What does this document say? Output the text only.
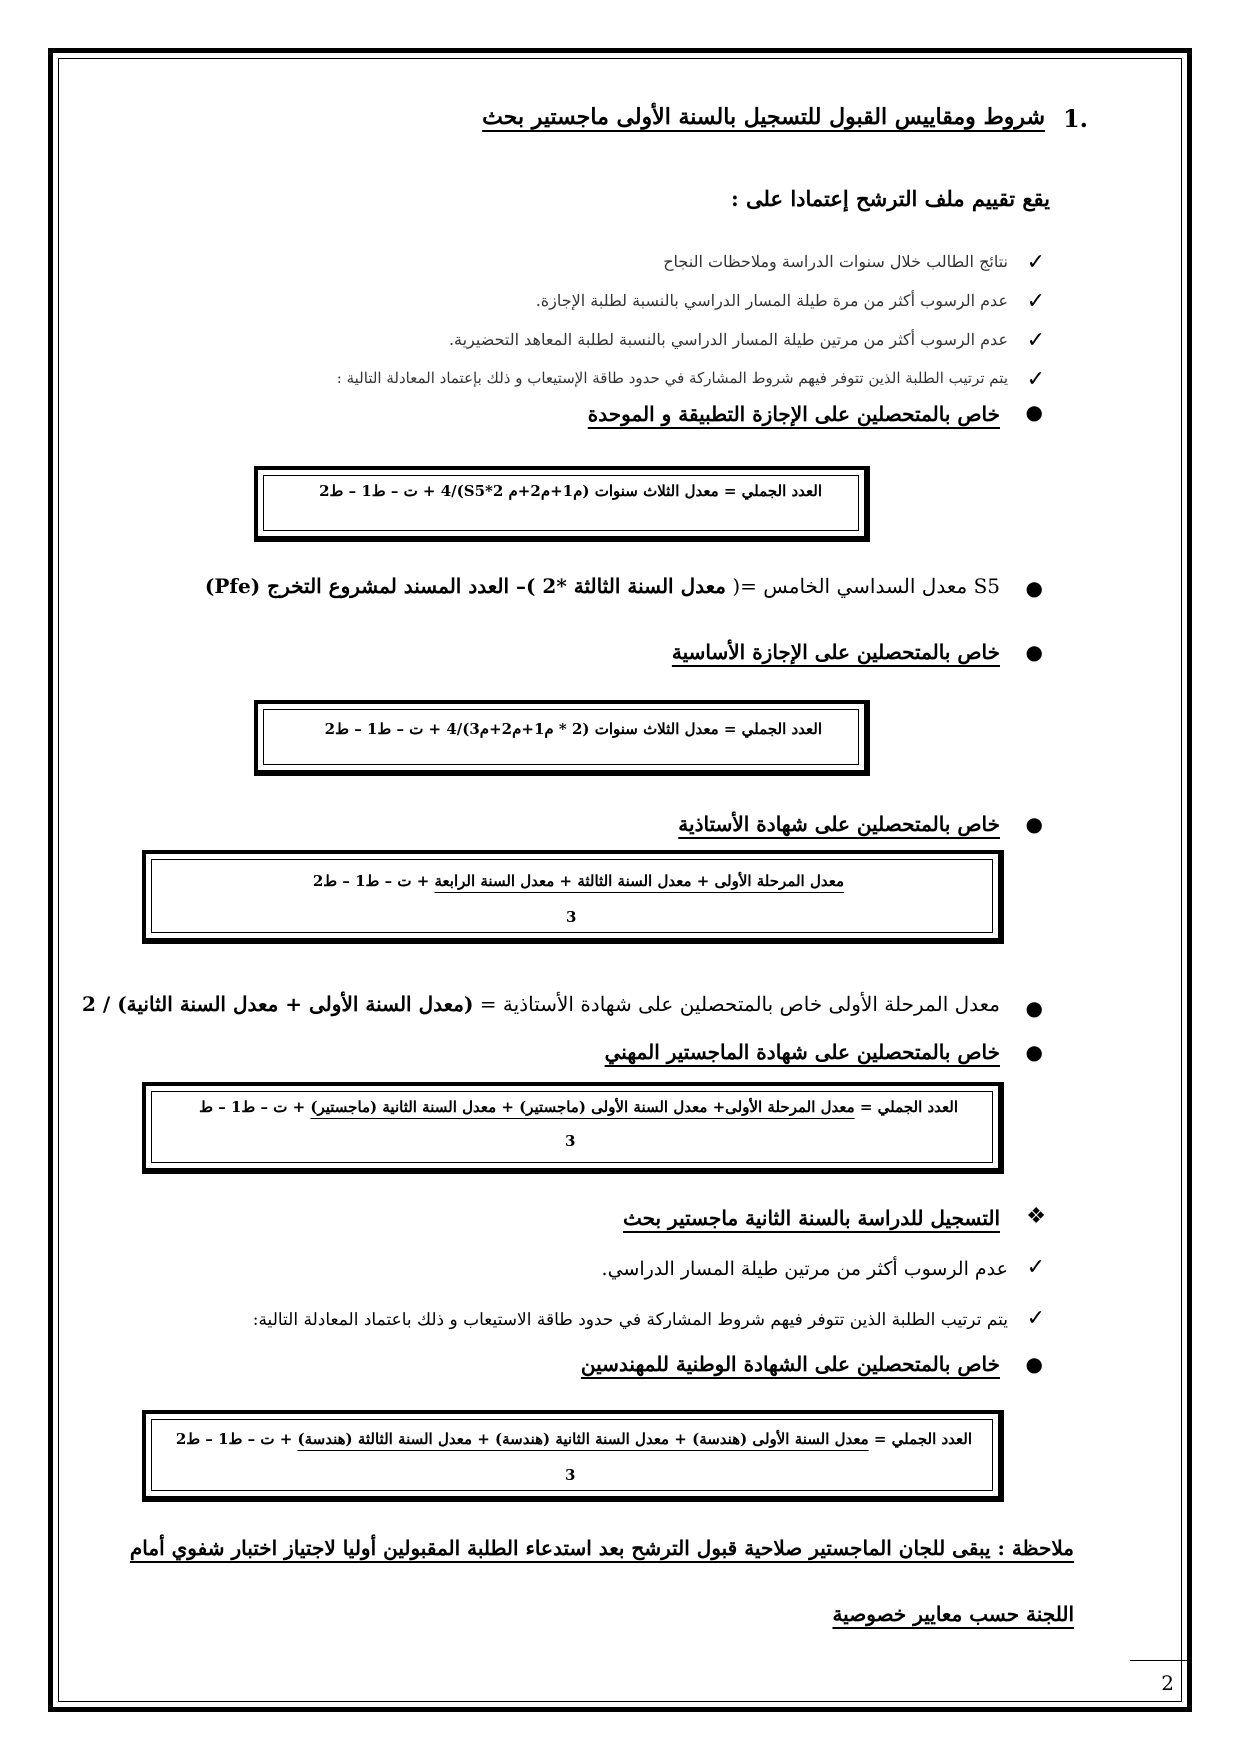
شروط ومقاييس القبول للتسجيل بالسنة الأولى ماجستير بحث 1.
يقع تقييم ملف الترشح إعتمادا على :
✓
نتائج الطالب خلال سنوات الدراسة وملاحظات النجاح
✓
عدم الرسوب أكثر من مرة طيلة المسار الدراسي بالنسبة لطلبة الإجازة.
✓
عدم الرسوب أكثر من مرتين طيلة المسار الدراسي بالنسبة لطلبة المعاهد التحضيرية.
✓
يتم ترتيب الطلبة الذين تتوفر فيهم شروط المشاركة في حدود طاقة الإستيعاب و ذلك بإعتماد المعادلة التالية :
●
خاص بالمتحصلين على الإجازة التطبيقة و الموحدة
العدد الجملي = معدل الثلاث سنوات (م1+م2+م S5*2)/4 + ت – ط1 – ط2
●
S5 معدل السداسي الخامس =( معدل السنة الثالثة *2 )– العدد المسند لمشروع التخرج (Pfe)
●
خاص بالمتحصلين على الإجازة الأساسية
العدد الجملي = معدل الثلاث سنوات (2 * م1+م2+م3)/4 + ت – ط1 – ط2
●
خاص بالمتحصلين على شهادة الأستاذية
معدل المرحلة الأولى + معدل السنة الثالثة + معدل السنة الرابعة + ت – ط1 – ط2
3
●
معدل المرحلة الأولى خاص بالمتحصلين على شهادة الأستاذية = (معدل السنة الأولى + معدل السنة الثانية) / 2
●
خاص بالمتحصلين على شهادة الماجستير المهني
العدد الجملي = معدل المرحلة الأولى+ معدل السنة الأولى (ماجستير) + معدل السنة الثانية (ماجستير) + ت – ط1 – ط
3
❖
التسجيل للدراسة بالسنة الثانية ماجستير بحث
✓
عدم الرسوب أكثر من مرتين طيلة المسار الدراسي.
✓
يتم ترتيب الطلبة الذين تتوفر فيهم شروط المشاركة في حدود طاقة الاستيعاب و ذلك باعتماد المعادلة التالية:
●
خاص بالمتحصلين على الشهادة الوطنية للمهندسين
العدد الجملي = معدل السنة الأولى (هندسة) + معدل السنة الثانية (هندسة) + معدل السنة الثالثة (هندسة) + ت – ط1 – ط2
3
ملاحظة : يبقى للجان الماجستير صلاحية قبول الترشح بعد استدعاء الطلبة المقبولين أوليا لاجتياز اختبار شفوي أمام
اللجنة حسب معايير خصوصية
2
